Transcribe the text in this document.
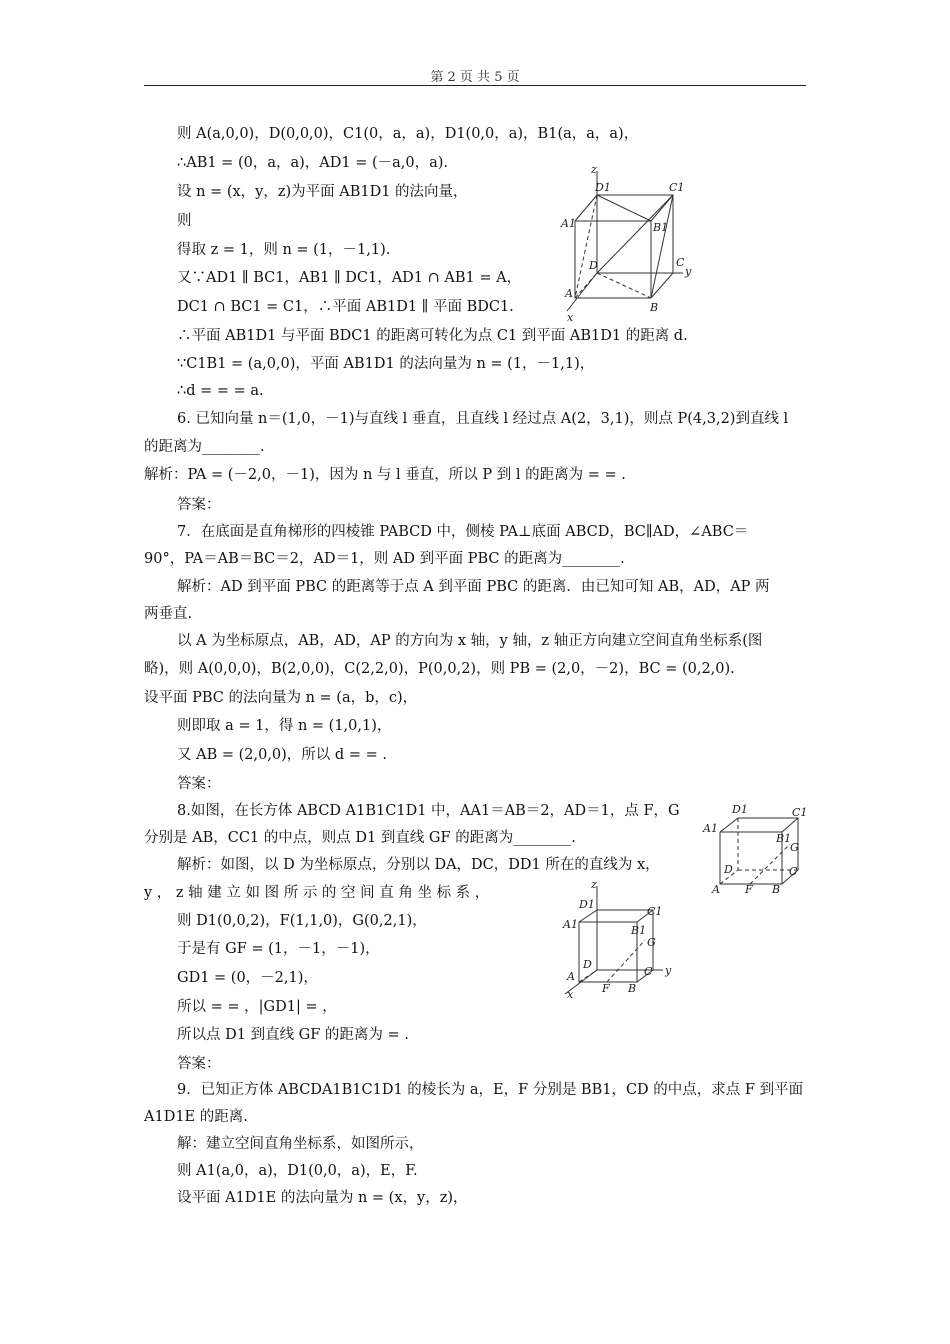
第 2 页 共 5 页
则 A(a,0,0)，D(0,0,0)，C1(0，a，a)，D1(0,0，a)，B1(a，a，a)，
∴AB1 = (0，a，a)，AD1 = (－a,0，a).
设 n = (x，y，z)为平面 AB1D1 的法向量，
则
得取 z = 1，则 n = (1，－1,1).
又∵AD1 ∥ BC1，AB1 ∥ DC1，AD1 ∩ AB1 = A，
DC1 ∩ BC1 = C1，∴平面 AB1D1 ∥ 平面 BDC1.
∴平面 AB1D1 与平面 BDC1 的距离可转化为点 C1 到平面 AB1D1 的距离 d.
∵C1B1 = (a,0,0)，平面 AB1D1 的法向量为 n = (1，－1,1)，
∴d = = = a.
6. 已知向量 n＝(1,0，－1)与直线 l 垂直，且直线 l 经过点 A(2，3,1)，则点 P(4,3,2)到直线 l
的距离为________.
解析：PA = (－2,0，－1)，因为 n 与 l 垂直，所以 P 到 l 的距离为 = = .
答案：
7．在底面是直角梯形的四棱锥 PABCD 中，侧棱 PA⊥底面 ABCD，BC∥AD，∠ABC＝
90°，PA＝AB＝BC＝2，AD＝1，则 AD 到平面 PBC 的距离为________.
解析：AD 到平面 PBC 的距离等于点 A 到平面 PBC 的距离．由已知可知 AB，AD，AP 两
两垂直.
以 A 为坐标原点，AB，AD，AP 的方向为 x 轴，y 轴，z 轴正方向建立空间直角坐标系(图
略)，则 A(0,0,0)，B(2,0,0)，C(2,2,0)，P(0,0,2)，则 PB = (2,0，－2)，BC = (0,2,0).
设平面 PBC 的法向量为 n = (a，b，c)，
则即取 a = 1，得 n = (1,0,1)，
又 AB = (2,0,0)，所以 d = = .
答案：
8.如图，在长方体 ABCD A1B1C1D1 中，AA1＝AB＝2，AD＝1，点 F，G
分别是 AB，CC1 的中点，则点 D1 到直线 GF 的距离为________.
解析：如图，以 D 为坐标原点，分别以 DA，DC，DD1 所在的直线为 x，
y ， z 轴 建 立 如 图 所 示 的 空 间 直 角 坐 标 系 ，
则 D1(0,0,2)，F(1,1,0)，G(0,2,1)，
于是有 GF = (1，－1，－1)，
GD1 = (0，－2,1)，
所以 = = ，|GD1| = ，
所以点 D1 到直线 GF 的距离为 = .
答案：
9．已知正方体 ABCDA1B1C1D1 的棱长为 a，E，F 分别是 BB1，CD 的中点，求点 F 到平面
A1D1E 的距离.
解：建立空间直角坐标系，如图所示，
则 A1(a,0，a)，D1(0,0，a)，E，F.
设平面 A1D1E 的法向量为 n = (x，y，z)，
z
D1	C1
A1	B1
D	C
y
A
B
x
D1	C1
A1
B1
G
D	C
A F B
z
D1
C1
A1	B1
G
D
C y
A
F B
x
